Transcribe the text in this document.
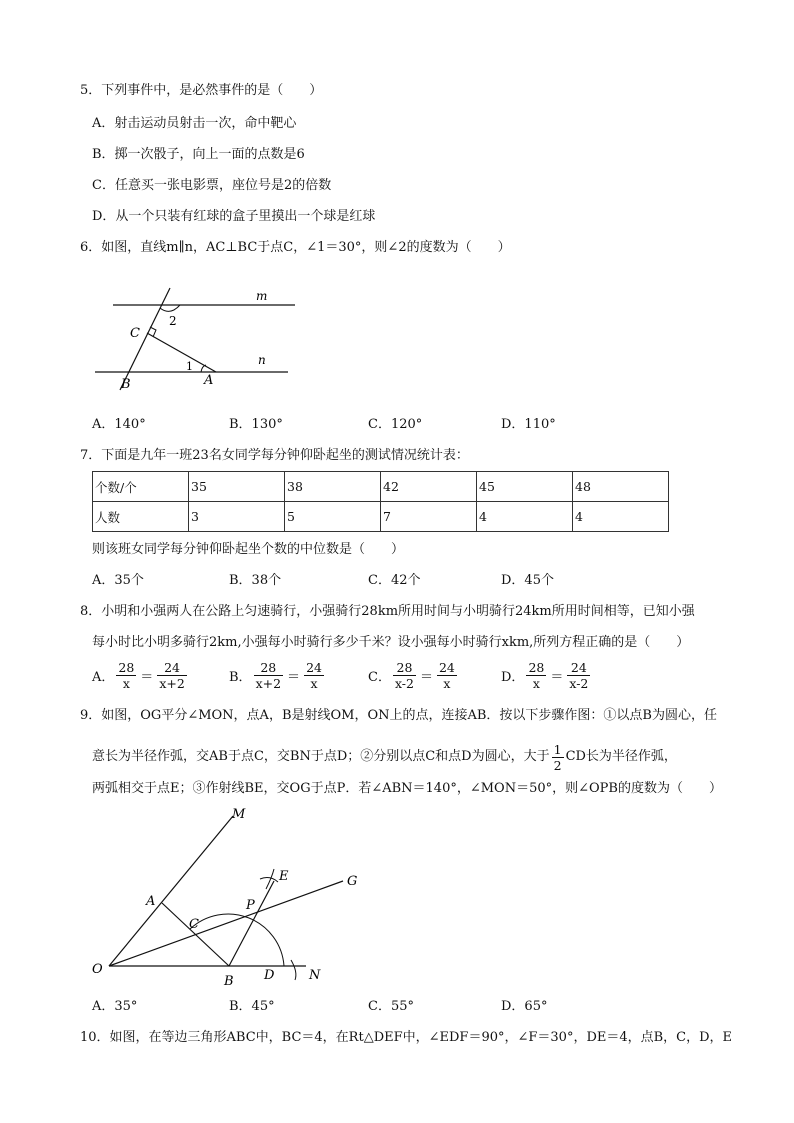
5．下列事件中，是必然事件的是（　　）
A．射击运动员射击一次，命中靶心
B．掷一次骰子，向上一面的点数是6
C．任意买一张电影票，座位号是2的倍数
D．从一个只装有红球的盒子里摸出一个球是红球
6．如图，直线m∥n，AC⊥BC于点C，∠1＝30°，则∠2的度数为（　　）
m
n
2
1
C
B	A
A．140°	B．130°	C．120°	D．110°
7．下面是九年一班23名女同学每分钟仰卧起坐的测试情况统计表：
个数/个	35	38	42	45	48
人数	3	5	7	4	4
则该班女同学每分钟仰卧起坐个数的中位数是（　　）
A．35个	B．38个	C．42个	D．45个
8．小明和小强两人在公路上匀速骑行，小强骑行28km所用时间与小明骑行24km所用时间相等，已知小强
每小时比小明多骑行2km,小强每小时骑行多少千米？设小强每小时骑行xkm,所列方程正确的是（　　）
A． $\frac{28}{x} = \frac{24}{x+2}$	B． $\frac{28}{x+2} = \frac{24}{x}$	C． $\frac{28}{x-2} = \frac{24}{x}$	D． $\frac{28}{x} = \frac{24}{x-2}$
9．如图，OG平分∠MON，点A，B是射线OM，ON上的点，连接AB．按以下步骤作图：①以点B为圆心，任
意长为半径作弧，交AB于点C，交BN于点D；②分别以点C和点D为圆心，大于 $\frac{1}{2}$ CD长为半径作弧，
两弧相交于点E；③作射线BE，交OG于点P．若∠ABN＝140°，∠MON＝50°，则∠OPB的度数为（　　）
M
E	G
A	P
C
O
B D	N
A．35°	B．45°	C．55°	D．65°
10．如图，在等边三角形ABC中，BC＝4，在Rt△DEF中，∠EDF＝90°，∠F＝30°，DE＝4，点B，C，D，E
